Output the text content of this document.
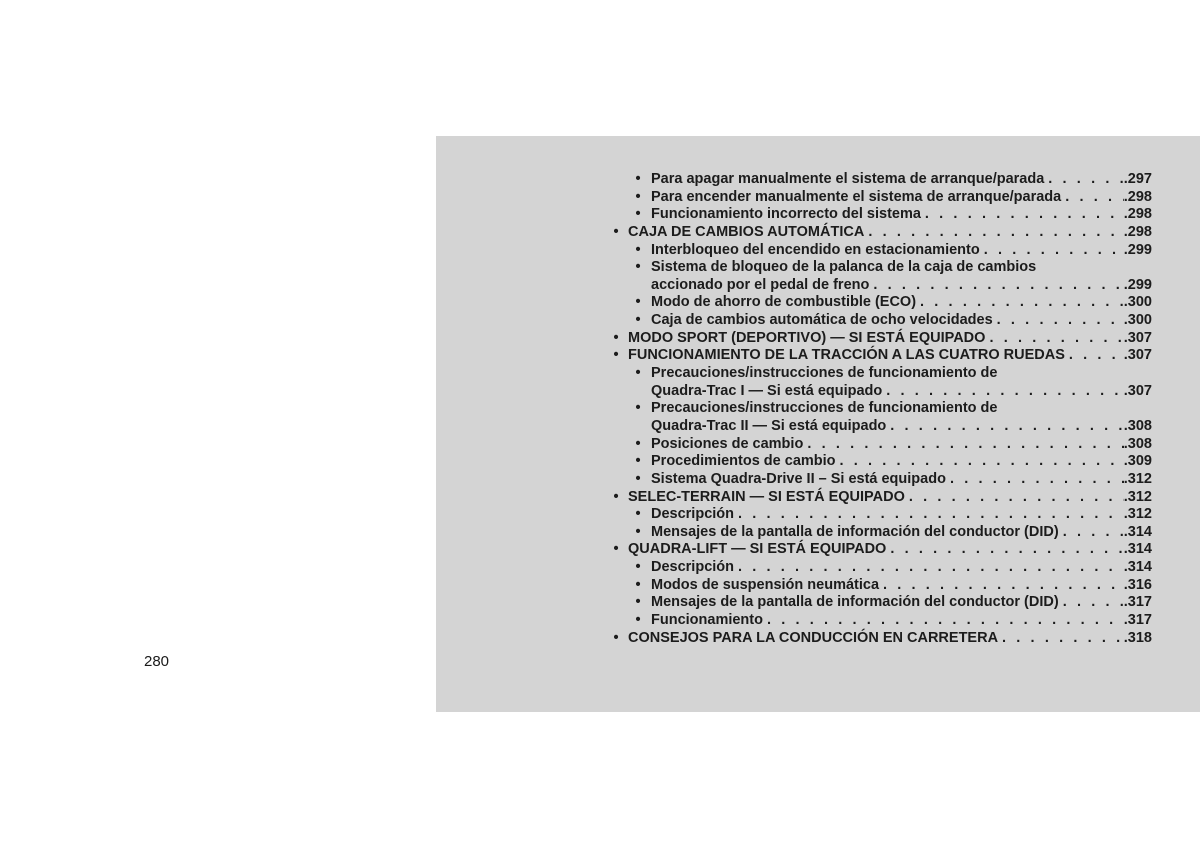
280
• Para apagar manualmente el sistema de arranque/parada . . .	.297
• Para encender manualmente el sistema de arranque/parada . . .	.298
• Funcionamiento incorrecto del sistema . . .	.298
• CAJA DE CAMBIOS AUTOMÁTICA . . .	.298
• Interbloqueo del encendido en estacionamiento . . .	.299
• Sistema de bloqueo de la palanca de la caja de cambios
accionado por el pedal de freno . . .	.299
• Modo de ahorro de combustible (ECO) . . .	.300
• Caja de cambios automática de ocho velocidades . . .	.300
• MODO SPORT (DEPORTIVO) — SI ESTÁ EQUIPADO . . .	.307
• FUNCIONAMIENTO DE LA TRACCIÓN A LAS CUATRO RUEDAS . . .	.307
• Precauciones/instrucciones de funcionamiento de
Quadra-Trac I — Si está equipado . . .	.307
• Precauciones/instrucciones de funcionamiento de
Quadra-Trac II — Si está equipado . . .	.308
• Posiciones de cambio . . .	.308
• Procedimientos de cambio . . .	.309
• Sistema Quadra-Drive II – Si está equipado . . .	.312
• SELEC-TERRAIN — SI ESTÁ EQUIPADO . . .	.312
• Descripción . . .	.312
• Mensajes de la pantalla de información del conductor (DID) . . .	.314
• QUADRA-LIFT — SI ESTÁ EQUIPADO . . .	.314
• Descripción . . .	.314
• Modos de suspensión neumática . . .	.316
• Mensajes de la pantalla de información del conductor (DID) . . .	.317
• Funcionamiento . . .	.317
• CONSEJOS PARA LA CONDUCCIÓN EN CARRETERA . . .	.318
